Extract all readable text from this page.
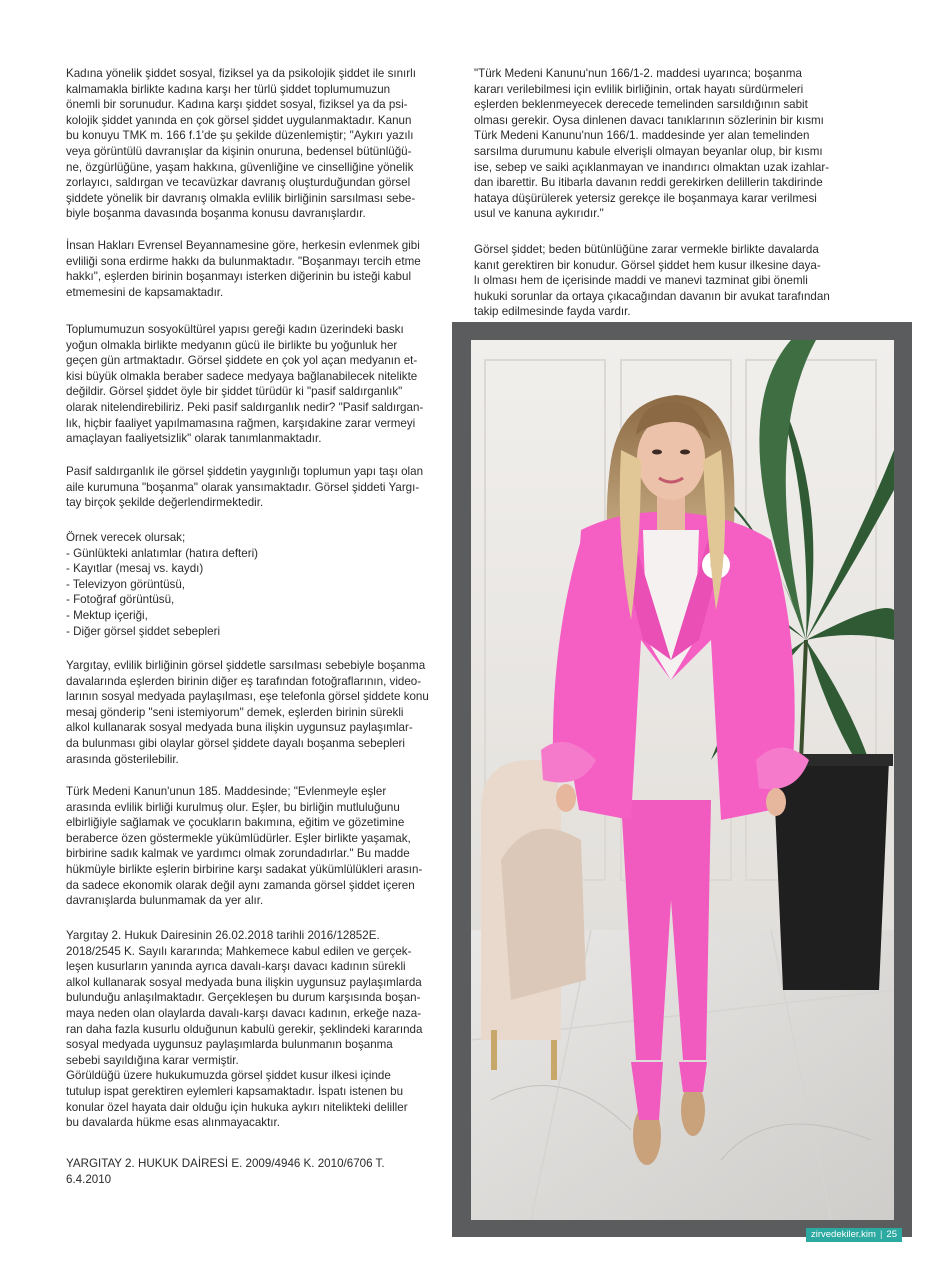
Kadına yönelik şiddet sosyal, fiziksel ya da psikolojik şiddet ile sınırlı
kalmamakla birlikte kadına karşı her türlü şiddet toplumumuzun
önemli bir sorunudur. Kadına karşı şiddet sosyal, fiziksel ya da psi-
kolojik şiddet yanında en çok görsel şiddet uygulanmaktadır. Kanun
bu konuyu TMK m. 166 f.1'de şu şekilde düzenlemiştir; "Aykırı yazılı
veya görüntülü davranışlar da kişinin onuruna, bedensel bütünlüğü-
ne, özgürlüğüne, yaşam hakkına, güvenliğine ve cinselliğine yönelik
zorlayıcı, saldırgan ve tecavüzkar davranış oluşturduğundan görsel
şiddete yönelik bir davranış olmakla evlilik birliğinin sarsılması sebe-
biyle boşanma davasında boşanma konusu davranışlardır.

İnsan Hakları Evrensel Beyannamesine göre, herkesin evlenmek gibi
evliliği sona erdirme hakkı da bulunmaktadır. "Boşanmayı tercih etme
hakkı", eşlerden birinin boşanmayı isterken diğerinin bu isteği kabul
etmemesini de kapsamaktadır.

Toplumumuzun sosyokültürel yapısı gereği kadın üzerindeki baskı
yoğun olmakla birlikte medyanın gücü ile birlikte bu yoğunluk her
geçen gün artmaktadır. Görsel şiddete en çok yol açan medyanın et-
kisi büyük olmakla beraber sadece medyaya bağlanabilecek nitelikte
değildir. Görsel şiddet öyle bir şiddet türüdür ki "pasif saldırganlık"
olarak nitelendirebiliriz. Peki pasif saldırganlık nedir? "Pasif saldırgan-
lık, hiçbir faaliyet yapılmamasına rağmen, karşıdakine zarar vermeyi
amaçlayan faaliyetsizlik" olarak tanımlanmaktadır.

Pasif saldırganlık ile görsel şiddetin yaygınlığı toplumun yapı taşı olan
aile kurumuna "boşanma" olarak yansımaktadır. Görsel şiddeti Yargı-
tay birçok şekilde değerlendirmektedir.

Örnek verecek olursak;
- Günlükteki anlatımlar (hatıra defteri)
- Kayıtlar (mesaj vs. kaydı)
- Televizyon görüntüsü,
- Fotoğraf görüntüsü,
- Mektup içeriği,
- Diğer görsel şiddet sebepleri

Yargıtay, evlilik birliğinin görsel şiddetle sarsılması sebebiyle boşanma
davalarında eşlerden birinin diğer eş tarafından fotoğraflarının, video-
larının sosyal medyada paylaşılması, eşe telefonla görsel şiddete konu
mesaj gönderip "seni istemiyorum" demek, eşlerden birinin sürekli
alkol kullanarak sosyal medyada buna ilişkin uygunsuz paylaşımlar-
da bulunması gibi olaylar görsel şiddete dayalı boşanma sebepleri
arasında gösterilebilir.

Türk Medeni Kanun'unun 185. Maddesinde; "Evlenmeyle eşler
arasında evlilik birliği kurulmuş olur. Eşler, bu birliğin mutluluğunu
elbirliğiyle sağlamak ve çocukların bakımına, eğitim ve gözetimine
beraberce özen göstermekle yükümlüdürler. Eşler birlikte yaşamak,
birbirine sadık kalmak ve yardımcı olmak zorundadırlar." Bu madde
hükmüyle birlikte eşlerin birbirine karşı sadakat yükümlülükleri arasın-
da sadece ekonomik olarak değil aynı zamanda görsel şiddet içeren
davranışlarda bulunmamak da yer alır.

Yargıtay 2. Hukuk Dairesinin 26.02.2018 tarihli 2016/12852E.
2018/2545 K. Sayılı kararında; Mahkemece kabul edilen ve gerçek-
leşen kusurların yanında ayrıca davalı-karşı davacı kadının sürekli
alkol kullanarak sosyal medyada buna ilişkin uygunsuz paylaşımlarda
bulunduğu anlaşılmaktadır. Gerçekleşen bu durum karşısında boşan-
maya neden olan olaylarda davalı-karşı davacı kadının, erkeğe naza-
ran daha fazla kusurlu olduğunun kabulü gerekir, şeklindeki kararında
sosyal medyada uygunsuz paylaşımlarda bulunmanın boşanma
sebebi sayıldığına karar vermiştir.
Görüldüğü üzere hukukumuzda görsel şiddet kusur ilkesi içinde
tutulup ispat gerektiren eylemleri kapsamaktadır. İspatı istenen bu
konular özel hayata dair olduğu için hukuka aykırı nitelikteki deliller
bu davalarda hükme esas alınmayacaktır.

YARGITAY 2. HUKUK DAİRESİ E. 2009/4946 K. 2010/6706 T.
6.4.2010

"Türk Medeni Kanunu'nun 166/1-2. maddesi uyarınca; boşanma
kararı verilebilmesi için evlilik birliğinin, ortak hayatı sürdürmeleri
eşlerden beklenmeyecek derecede temelinden sarsıldığının sabit
olması gerekir. Oysa dinlenen davacı tanıklarının sözlerinin bir kısmı
Türk Medeni Kanunu'nun 166/1. maddesinde yer alan temelinden
sarsılma durumunu kabule elverişli olmayan beyanlar olup, bir kısmı
ise, sebep ve saiki açıklanmayan ve inandırıcı olmaktan uzak izahlar-
dan ibarettir. Bu itibarla davanın reddi gerekirken delillerin takdirinde
hataya düşürülerek yetersiz gerekçe ile boşanmaya karar verilmesi
usul ve kanuna aykırıdır."

Görsel şiddet; beden bütünlüğüne zarar vermekle birlikte davalarda
kanıt gerektiren bir konudur. Görsel şiddet hem kusur ilkesine daya-
lı olması hem de içerisinde maddi ve manevi tazminat gibi önemli
hukuki sorunlar da ortaya çıkacağından davanın bir avukat tarafından
takip edilmesinde fayda vardır.

zirvedekiler.kim | 25
